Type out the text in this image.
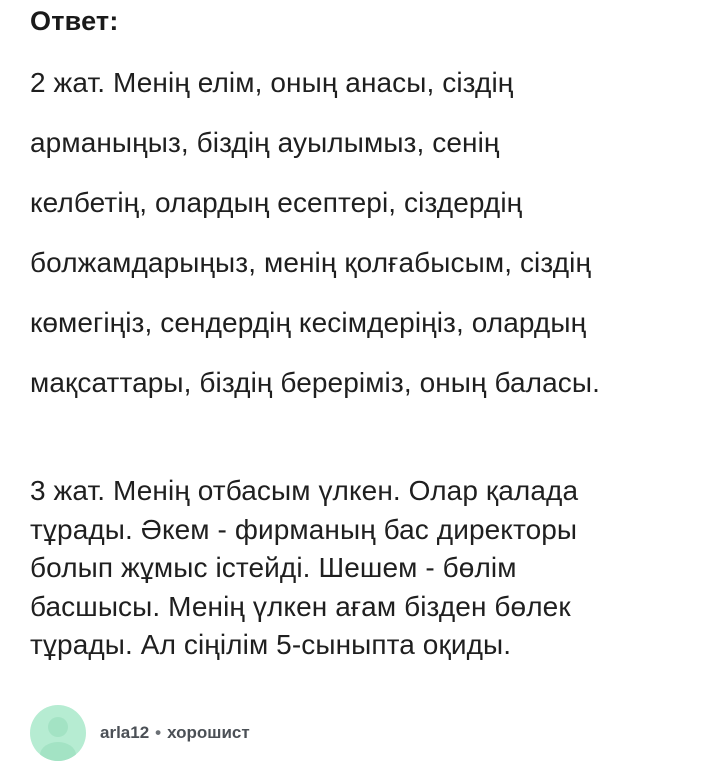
Ответ:
2 жат. Менің елім, оның анасы, сіздің
арманыңыз, біздің ауылымыз, сенің
келбетің, олардың есептері, сіздердің
болжамдарыңыз, менің қолғабысым, сіздің
көмегіңіз, сендердің кесімдеріңіз, олардың
мақсаттары, біздің берерiміз, оның баласы.
3 жат. Менің отбасым үлкен. Олар қалада
тұрады. Әкем - фирманың бас директоры
болып жұмыс істейді. Шешем - бөлім
басшысы. Менің үлкен ағам бізден бөлек
тұрады. Ал сіңілім 5-сыныпта оқиды.
arla12 • хорошист
